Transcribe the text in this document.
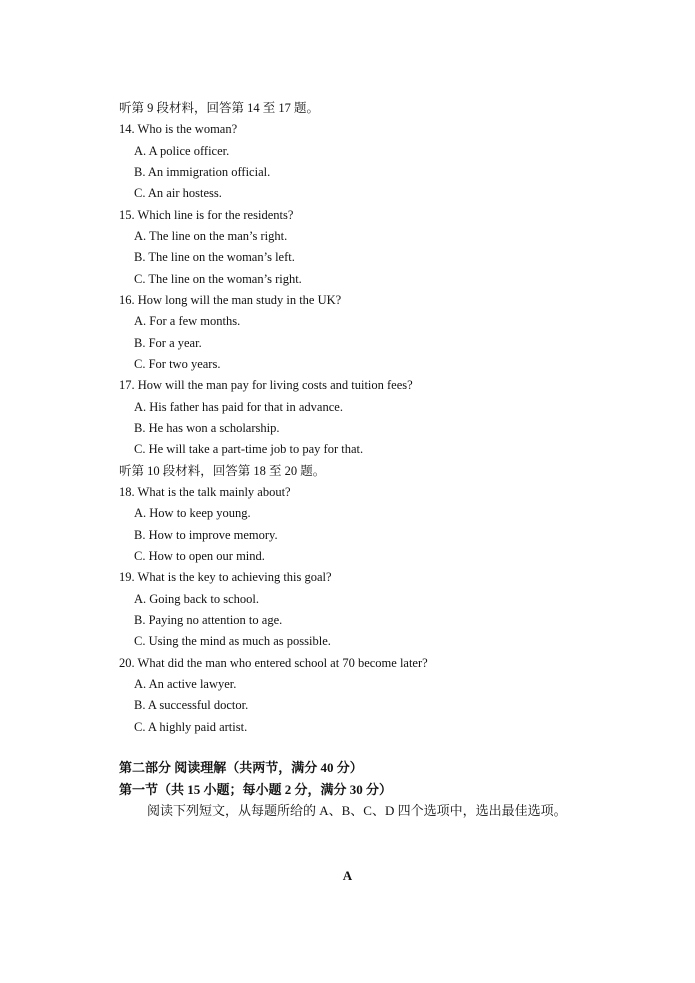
听第 9 段材料，回答第 14 至 17 题。
14. Who is the woman?
A. A police officer.
B. An immigration official.
C. An air hostess.
15. Which line is for the residents?
A. The line on the man’s right.
B. The line on the woman’s left.
C. The line on the woman’s right.
16. How long will the man study in the UK?
A. For a few months.
B. For a year.
C. For two years.
17. How will the man pay for living costs and tuition fees?
A. His father has paid for that in advance.
B. He has won a scholarship.
C. He will take a part-time job to pay for that.
听第 10 段材料，回答第 18 至 20 题。
18. What is the talk mainly about?
A. How to keep young.
B. How to improve memory.
C. How to open our mind.
19. What is the key to achieving this goal?
A. Going back to school.
B. Paying no attention to age.
C. Using the mind as much as possible.
20. What did the man who entered school at 70 become later?
A. An active lawyer.
B. A successful doctor.
C. A highly paid artist.
第二部分 阅读理解（共两节，满分 40 分）
第一节（共 15 小题；每小题 2 分，满分 30 分）
阅读下列短文，从每题所给的 A、B、C、D 四个选项中，选出最佳选项。
A
